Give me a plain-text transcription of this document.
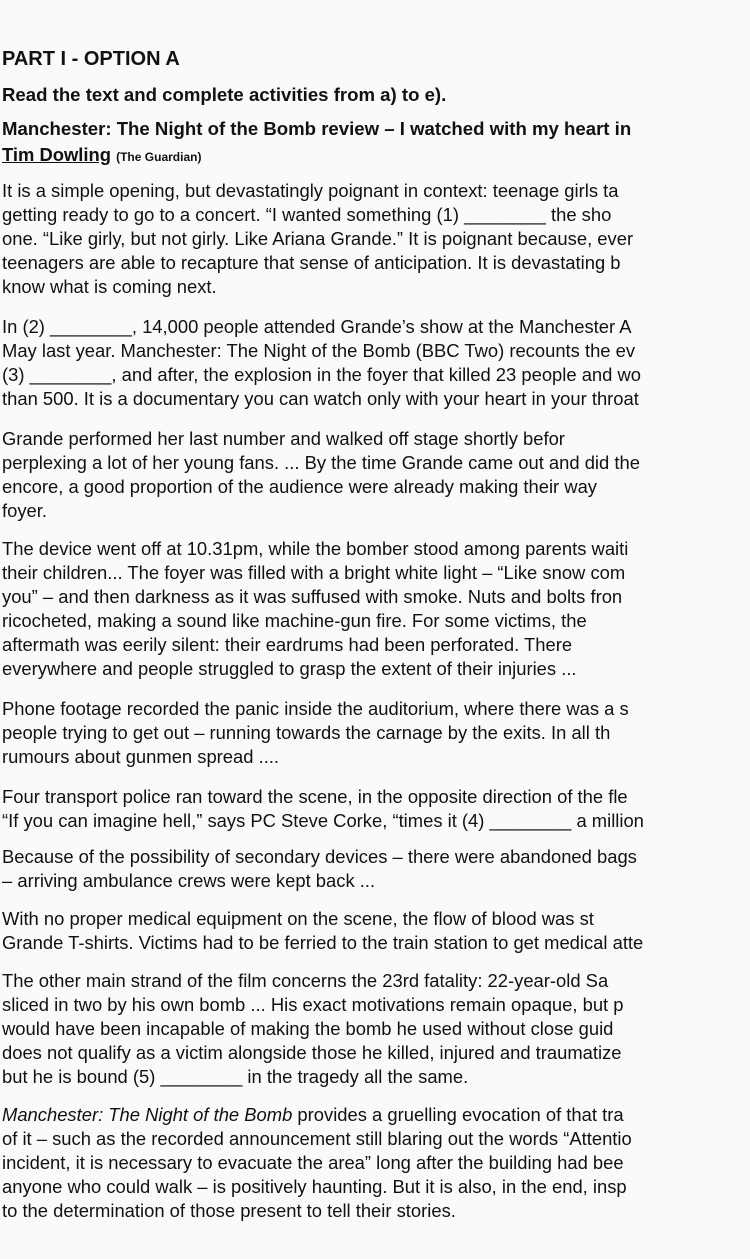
PART I - OPTION A
Read the text and complete activities from a) to e).
Manchester: The Night of the Bomb review – I watched with my heart in
Tim Dowling (The Guardian)
It is a simple opening, but devastatingly poignant in context: teenage girls ta
getting ready to go to a concert. “I wanted something (1) ________ the sho
one. “Like girly, but not girly. Like Ariana Grande.” It is poignant because, ever
teenagers are able to recapture that sense of anticipation. It is devastating b
know what is coming next.
In (2) ________, 14,000 people attended Grande’s show at the Manchester A
May last year. Manchester: The Night of the Bomb (BBC Two) recounts the ev
(3) ________, and after, the explosion in the foyer that killed 23 people and wo
than 500. It is a documentary you can watch only with your heart in your throat
Grande performed her last number and walked off stage shortly befor
perplexing a lot of her young fans. ... By the time Grande came out and did the
encore, a good proportion of the audience were already making their way
foyer.
The device went off at 10.31pm, while the bomber stood among parents waiti
their children... The foyer was filled with a bright white light – “Like snow com
you” – and then darkness as it was suffused with smoke. Nuts and bolts fron
ricocheted, making a sound like machine-gun fire. For some victims, the
aftermath was eerily silent: their eardrums had been perforated. There
everywhere and people struggled to grasp the extent of their injuries ...
Phone footage recorded the panic inside the auditorium, where there was a s
people trying to get out – running towards the carnage by the exits. In all th
rumours about gunmen spread ....
Four transport police ran toward the scene, in the opposite direction of the fle
“If you can imagine hell,” says PC Steve Corke, “times it (4) ________ a million
Because of the possibility of secondary devices – there were abandoned bags
– arriving ambulance crews were kept back ...
With no proper medical equipment on the scene, the flow of blood was st
Grande T-shirts. Victims had to be ferried to the train station to get medical atte
The other main strand of the film concerns the 23rd fatality: 22-year-old Sa
sliced in two by his own bomb ... His exact motivations remain opaque, but p
would have been incapable of making the bomb he used without close guid
does not qualify as a victim alongside those he killed, injured and traumatize
but he is bound (5) ________ in the tragedy all the same.
Manchester: The Night of the Bomb provides a gruelling evocation of that tra
of it – such as the recorded announcement still blaring out the words “Attentio
incident, it is necessary to evacuate the area” long after the building had bee
anyone who could walk – is positively haunting. But it is also, in the end, insp
to the determination of those present to tell their stories.
